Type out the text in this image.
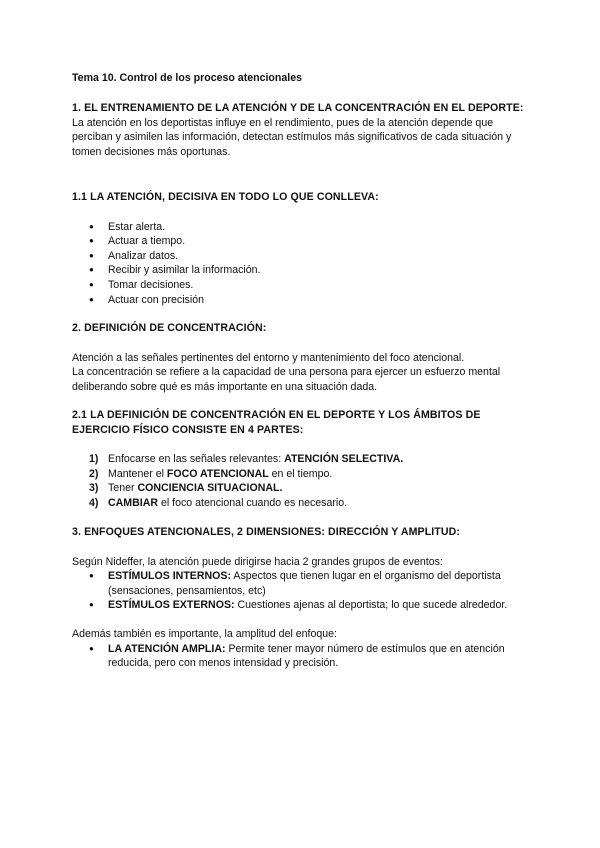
Tema 10. Control de los proceso atencionales
1. EL ENTRENAMIENTO DE LA ATENCIÓN Y DE LA CONCENTRACIÓN EN EL DEPORTE:

La atención en los deportistas influye en el rendimiento, pues de la atención depende que perciban y asimilen las información, detectan estímulos más significativos de cada situación y tomen decisiones más oportunas.

1.1 LA ATENCIÓN, DECISIVA EN TODO LO QUE CONLLEVA:
● Estar alerta.
● Actuar a tiempo.
● Analizar datos.
● Recibir y asimilar la información.
● Tomar decisiones.
● Actuar con precisión
2. DEFINICIÓN DE CONCENTRACIÓN:

Atención a las señales pertinentes del entorno y mantenimiento del foco atencional.

La concentración se refiere a la capacidad de una persona para ejercer un esfuerzo mental deliberando sobre qué es más importante en una situación dada.

2.1 LA DEFINICIÓN DE CONCENTRACIÓN EN EL DEPORTE Y LOS ÁMBITOS DE EJERCICIO FÍSICO CONSISTE EN 4 PARTES:
1) Enfocarse en las señales relevantes: ATENCIÓN SELECTIVA.
2) Mantener el FOCO ATENCIONAL en el tiempo.
3) Tener CONCIENCIA SITUACIONAL.
4) CAMBIAR el foco atencional cuando es necesario.
3. ENFOQUES ATENCIONALES, 2 DIMENSIONES: DIRECCIÓN Y AMPLITUD:

Según Nideffer, la atención puede dirigirse hacia 2 grandes grupos de eventos:

● ESTÍMULOS INTERNOS: Aspectos que tienen lugar en el organismo del deportista (sensaciones, pensamientos, etc)
● ESTÍMULOS EXTERNOS: Cuestiones ajenas al deportista; lo que sucede alrededor.

Además también es importante, la amplitud del enfoque:

● LA ATENCIÓN AMPLIA: Permite tener mayor número de estímulos que en atención reducida, pero con menos intensidad y precisión.
